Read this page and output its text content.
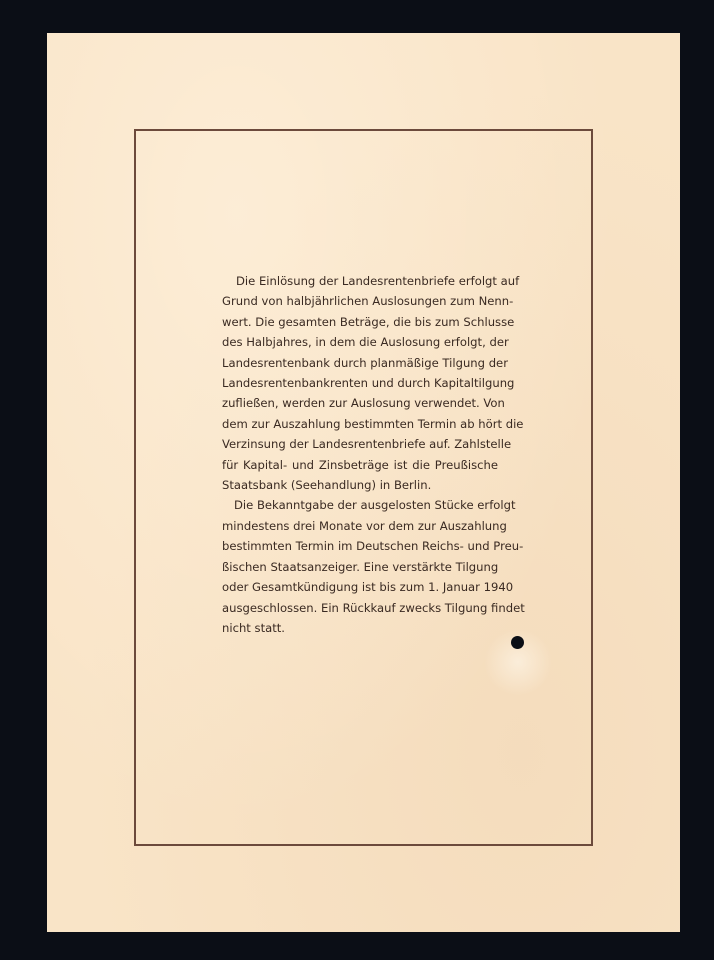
Die Einlösung der Landesrentenbriefe erfolgt auf
Grund von halbjährlichen Auslosungen zum Nenn-
wert. Die gesamten Beträge, die bis zum Schlusse
des Halbjahres, in dem die Auslosung erfolgt, der
Landesrentenbank durch planmäßige Tilgung der
Landesrentenbankrenten und durch Kapitaltilgung
zufließen, werden zur Auslosung verwendet. Von
dem zur Auszahlung bestimmten Termin ab hört die
Verzinsung der Landesrentenbriefe auf. Zahlstelle
für Kapital- und Zinsbeträge ist die Preußische
Staatsbank (Seehandlung) in Berlin.
Die Bekanntgabe der ausgelosten Stücke erfolgt
mindestens drei Monate vor dem zur Auszahlung
bestimmten Termin im Deutschen Reichs- und Preu-
ßischen Staatsanzeiger. Eine verstärkte Tilgung
oder Gesamtkündigung ist bis zum 1. Januar 1940
ausgeschlossen. Ein Rückkauf zwecks Tilgung findet
nicht statt.
